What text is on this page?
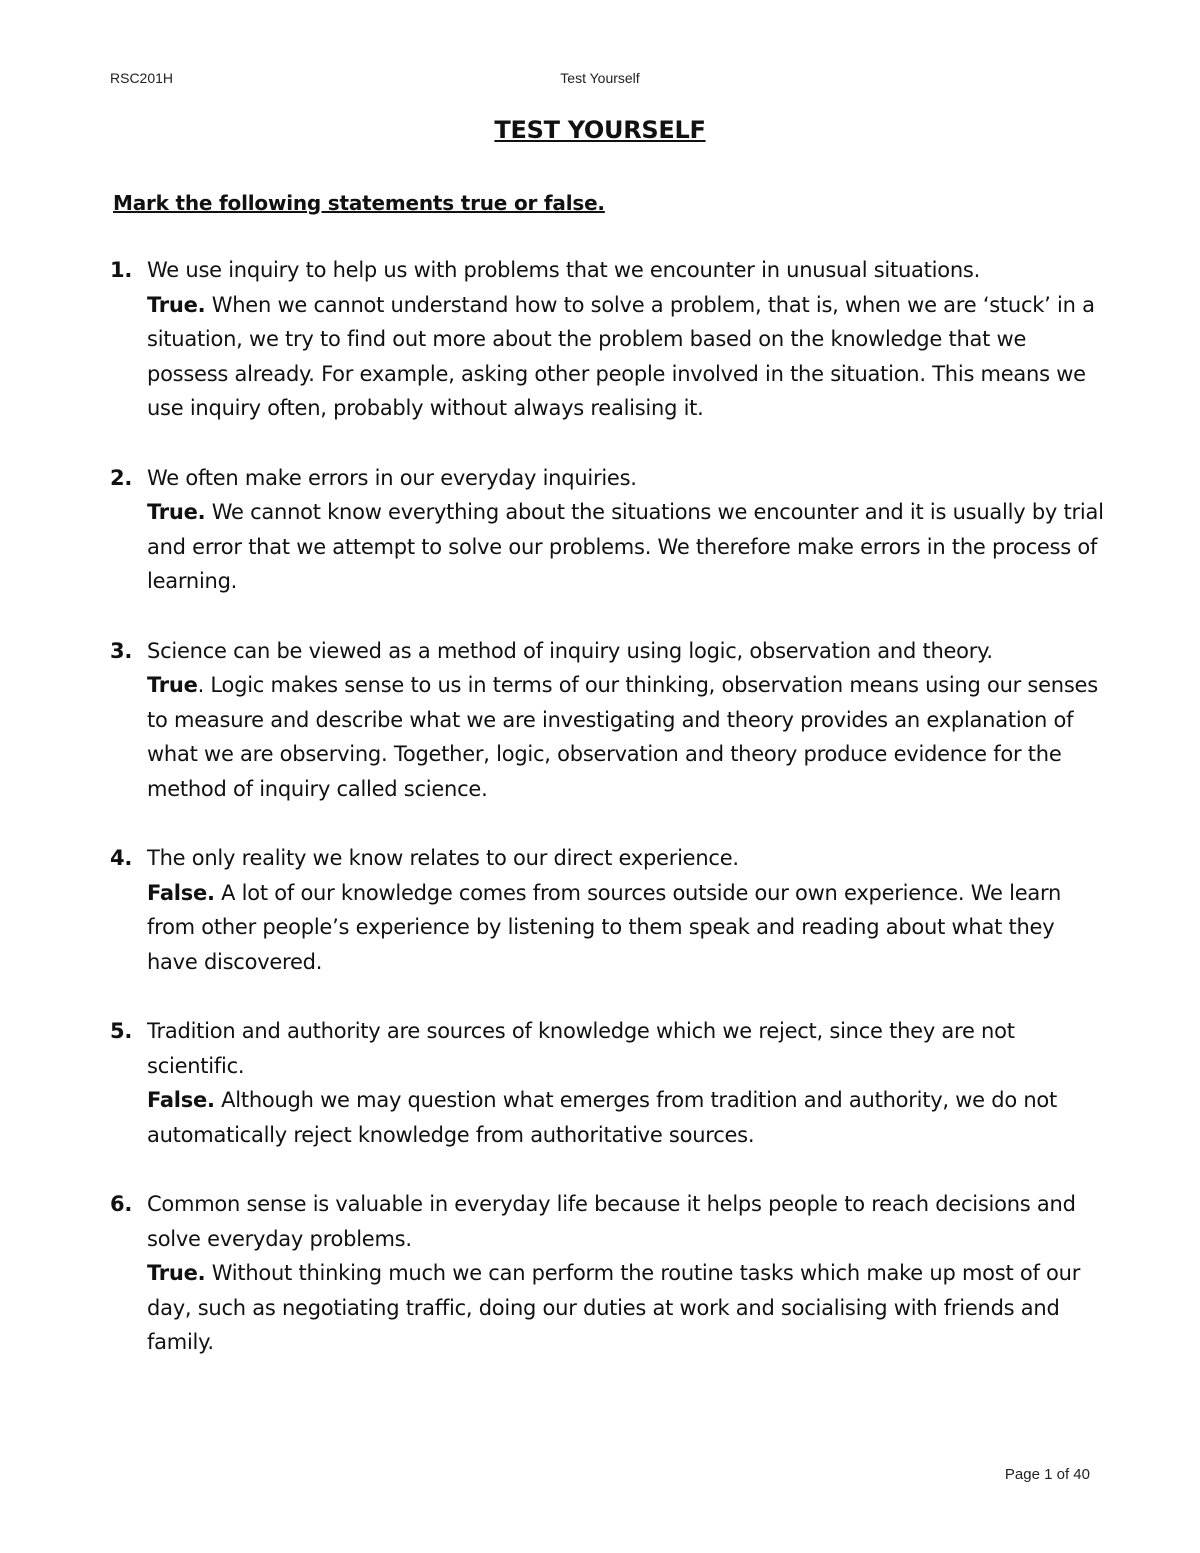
RSC201H	Test Yourself
TEST YOURSELF

Mark the following statements true or false.

1. We use inquiry to help us with problems that we encounter in unusual situations.
True. When we cannot understand how to solve a problem, that is, when we are ‘stuck’ in a situation, we try to find out more about the problem based on the knowledge that we possess already. For example, asking other people involved in the situation. This means we use inquiry often, probably without always realising it.
2. We often make errors in our everyday inquiries.
True. We cannot know everything about the situations we encounter and it is usually by trial and error that we attempt to solve our problems. We therefore make errors in the process of learning.
3. Science can be viewed as a method of inquiry using logic, observation and theory.
True. Logic makes sense to us in terms of our thinking, observation means using our senses to measure and describe what we are investigating and theory provides an explanation of what we are observing. Together, logic, observation and theory produce evidence for the method of inquiry called science.
4. The only reality we know relates to our direct experience.
False. A lot of our knowledge comes from sources outside our own experience. We learn from other people’s experience by listening to them speak and reading about what they have discovered.
5. Tradition and authority are sources of knowledge which we reject, since they are not scientific.
False. Although we may question what emerges from tradition and authority, we do not automatically reject knowledge from authoritative sources.
6. Common sense is valuable in everyday life because it helps people to reach decisions and solve everyday problems.
True. Without thinking much we can perform the routine tasks which make up most of our day, such as negotiating traffic, doing our duties at work and socialising with friends and family.
Page 1 of 40
